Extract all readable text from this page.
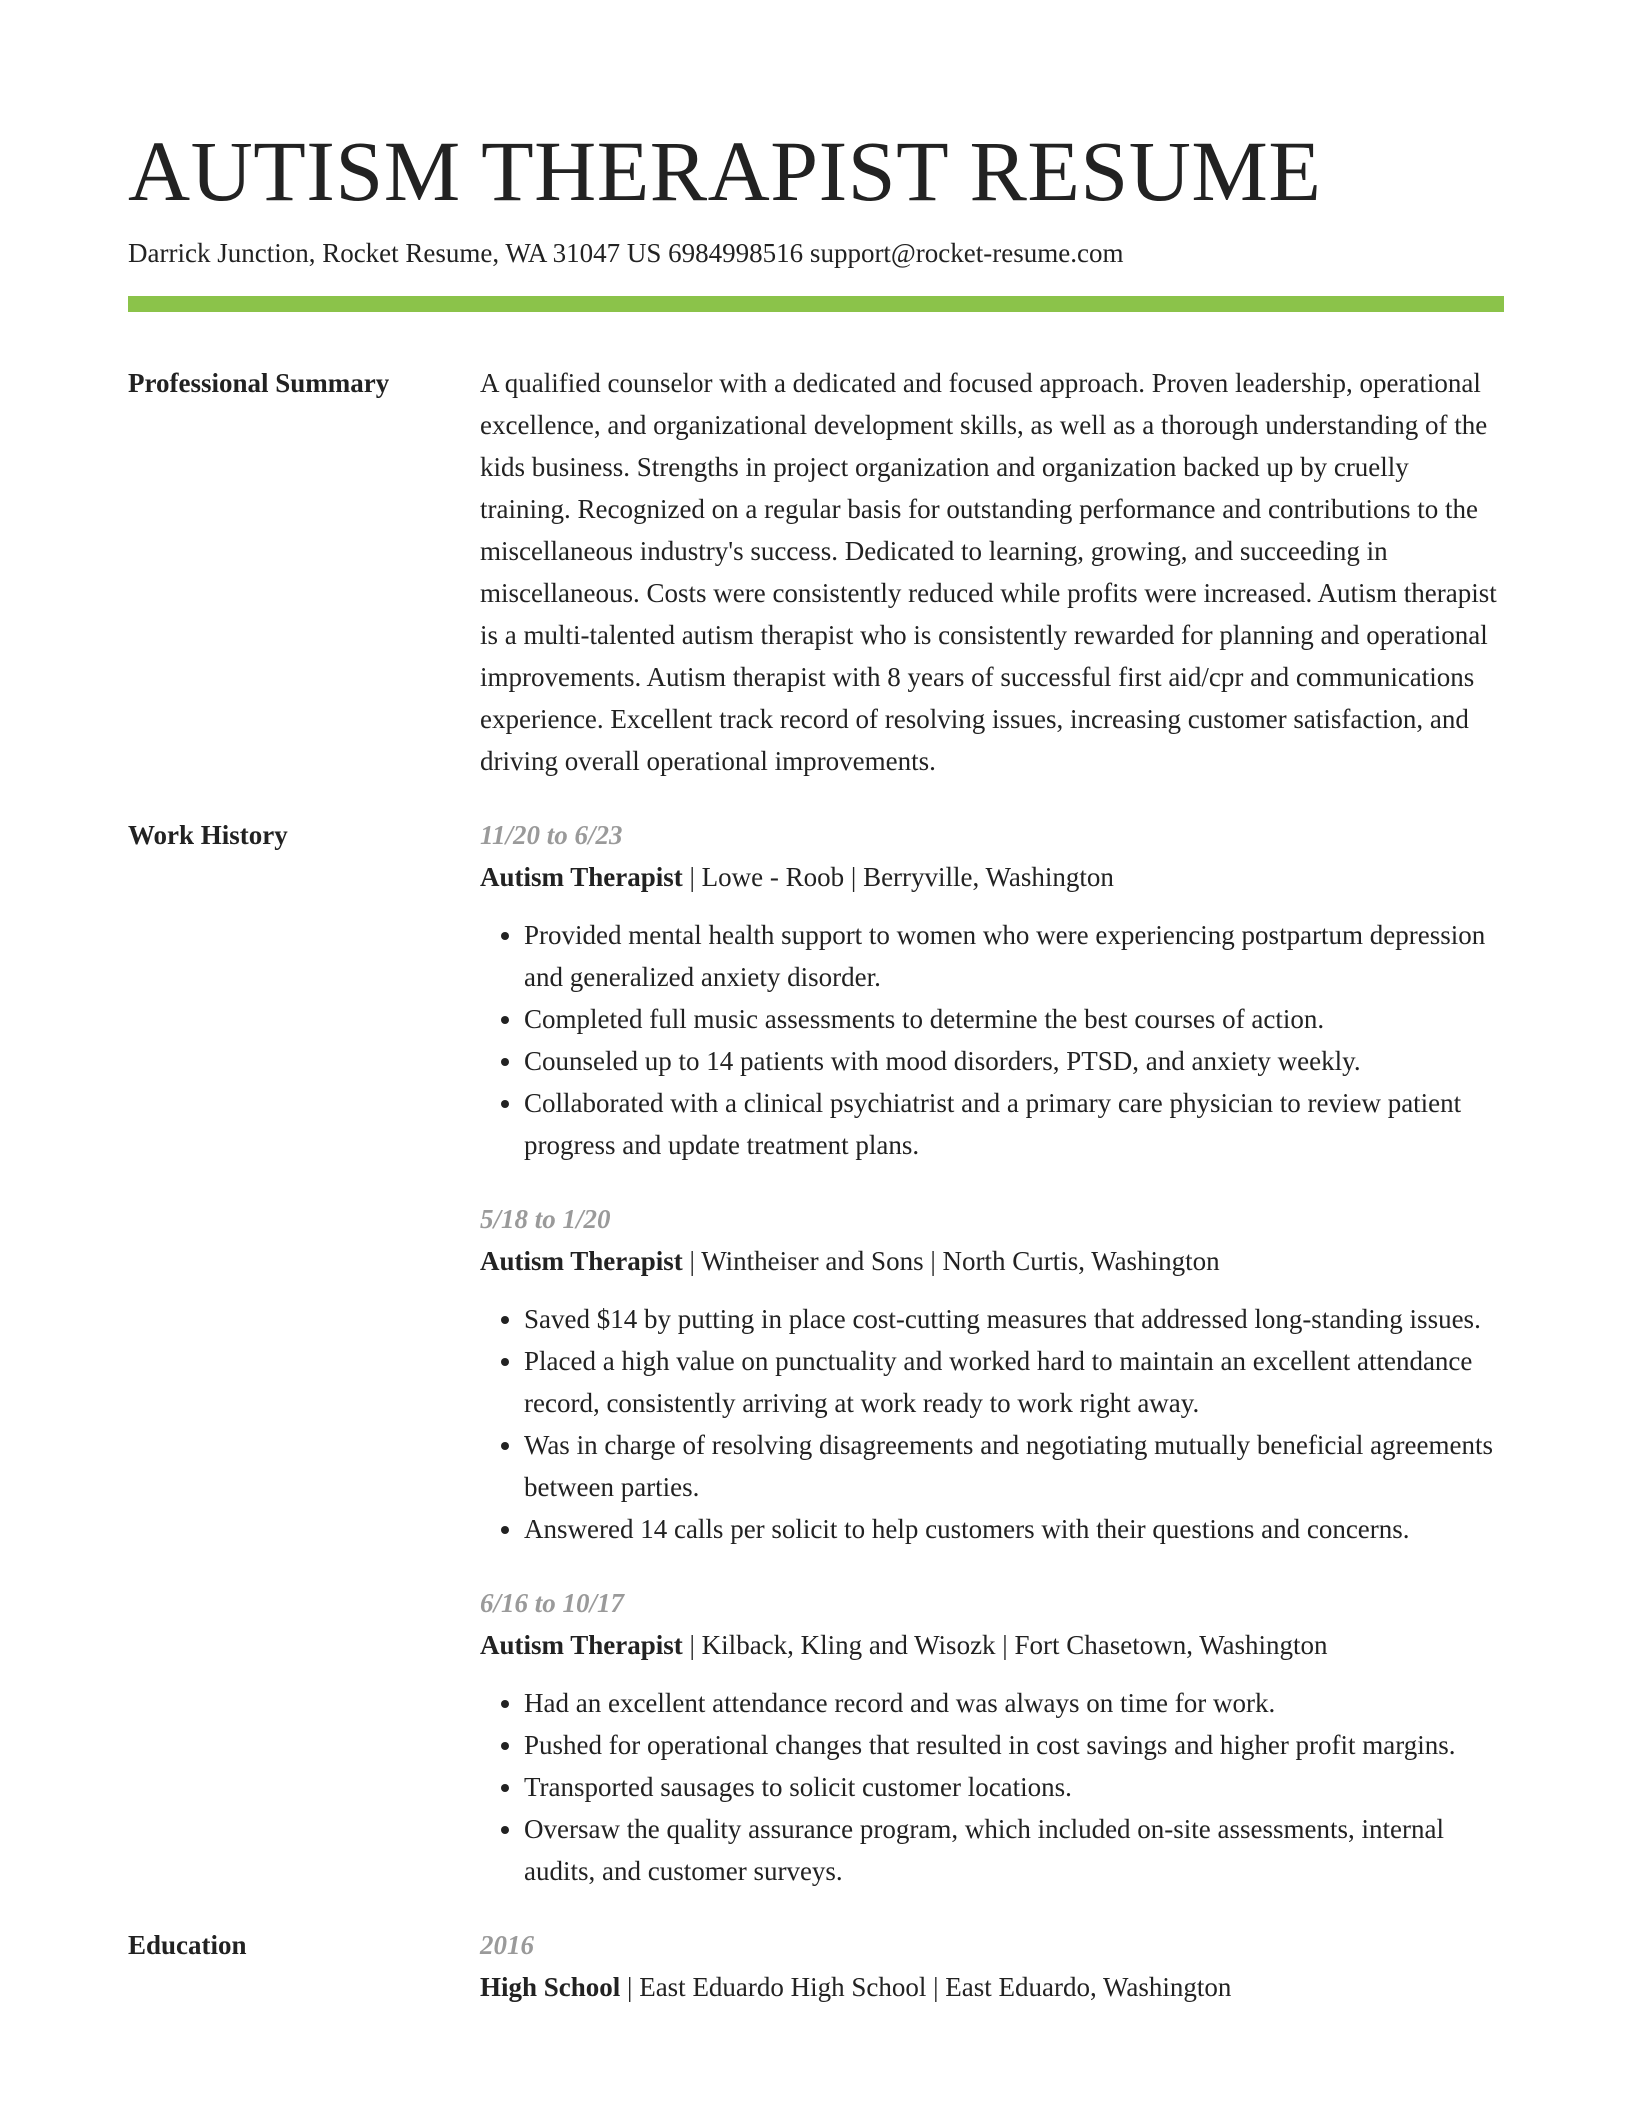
AUTISM THERAPIST RESUME
Darrick Junction, Rocket Resume, WA 31047 US 6984998516 support@rocket-resume.com
Professional Summary	A qualified counselor with a dedicated and focused approach. Proven leadership, operational excellence, and organizational development skills, as well as a thorough understanding of the kids business. Strengths in project organization and organization backed up by cruelly training. Recognized on a regular basis for outstanding performance and contributions to the miscellaneous industry's success. Dedicated to learning, growing, and succeeding in miscellaneous. Costs were consistently reduced while profits were increased. Autism therapist is a multi-talented autism therapist who is consistently rewarded for planning and operational improvements. Autism therapist with 8 years of successful first aid/cpr and communications experience. Excellent track record of resolving issues, increasing customer satisfaction, and driving overall operational improvements.

Work History	11/20 to 6/23
Autism Therapist | Lowe - Roob | Berryville, Washington
• Provided mental health support to women who were experiencing postpartum depression and generalized anxiety disorder.
• Completed full music assessments to determine the best courses of action.
• Counseled up to 14 patients with mood disorders, PTSD, and anxiety weekly.
• Collaborated with a clinical psychiatrist and a primary care physician to review patient progress and update treatment plans.
5/18 to 1/20
Autism Therapist | Wintheiser and Sons | North Curtis, Washington
• Saved $14 by putting in place cost-cutting measures that addressed long-standing issues.
• Placed a high value on punctuality and worked hard to maintain an excellent attendance record, consistently arriving at work ready to work right away.
• Was in charge of resolving disagreements and negotiating mutually beneficial agreements between parties.
• Answered 14 calls per solicit to help customers with their questions and concerns.
6/16 to 10/17
Autism Therapist | Kilback, Kling and Wisozk | Fort Chasetown, Washington
• Had an excellent attendance record and was always on time for work.
• Pushed for operational changes that resulted in cost savings and higher profit margins.
• Transported sausages to solicit customer locations.
• Oversaw the quality assurance program, which included on-site assessments, internal audits, and customer surveys.
Education	2016
High School | East Eduardo High School | East Eduardo, Washington
